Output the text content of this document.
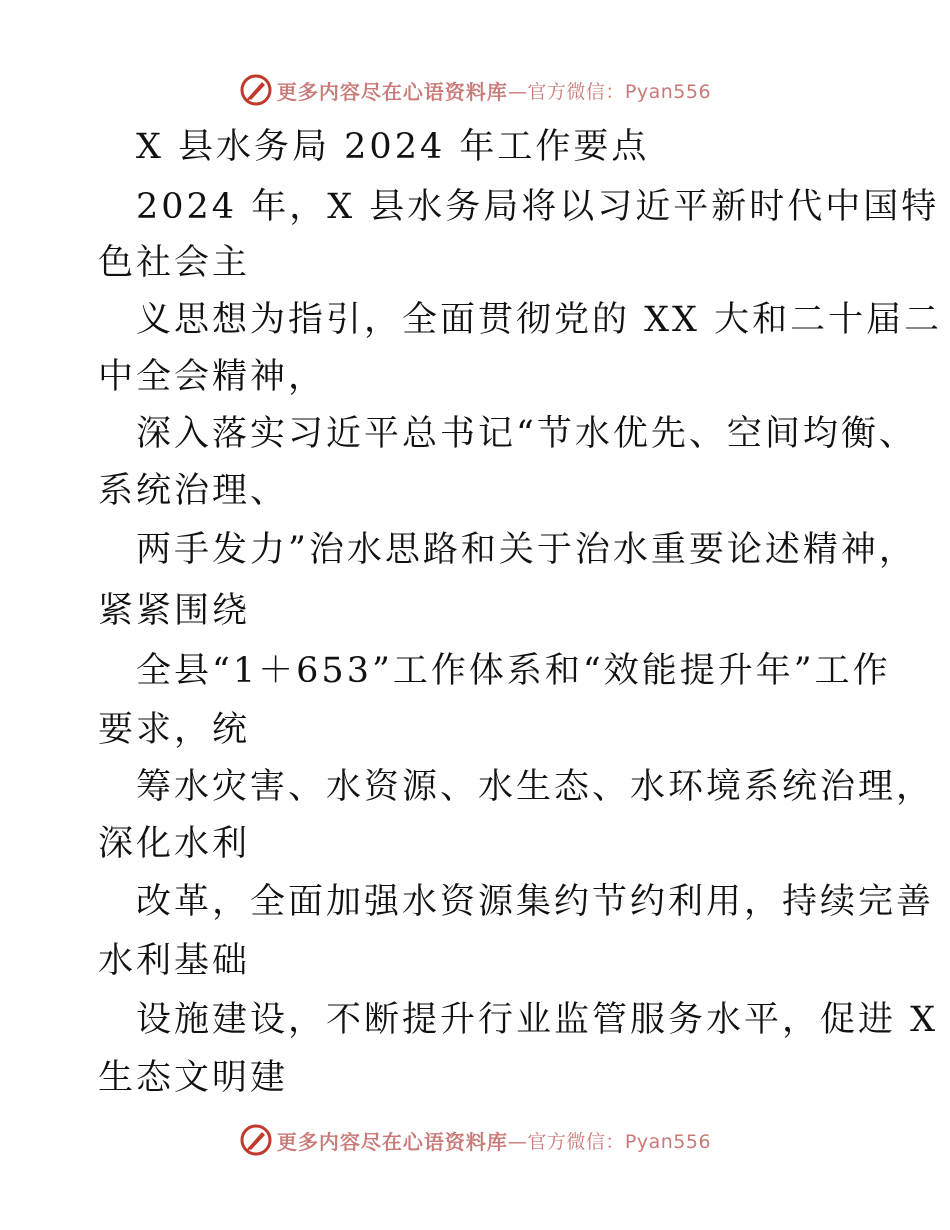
更多内容尽在心语资料库 —官方微信：Pyan556
X 县水务局 2024 年工作要点
2024 年，X 县水务局将以习近平新时代中国特
色社会主
义思想为指引，全面贯彻党的 XX 大和二十届二
中全会精神，
深入落实习近平总书记“节水优先、空间均衡、
系统治理、
两手发力”治水思路和关于治水重要论述精神，
紧紧围绕
全县“1＋653”工作体系和“效能提升年”工作
要求，统
筹水灾害、水资源、水生态、水环境系统治理，
深化水利
改革，全面加强水资源集约节约利用，持续完善
水利基础
设施建设，不断提升行业监管服务水平，促进 X
生态文明建
更多内容尽在心语资料库 —官方微信：Pyan556
